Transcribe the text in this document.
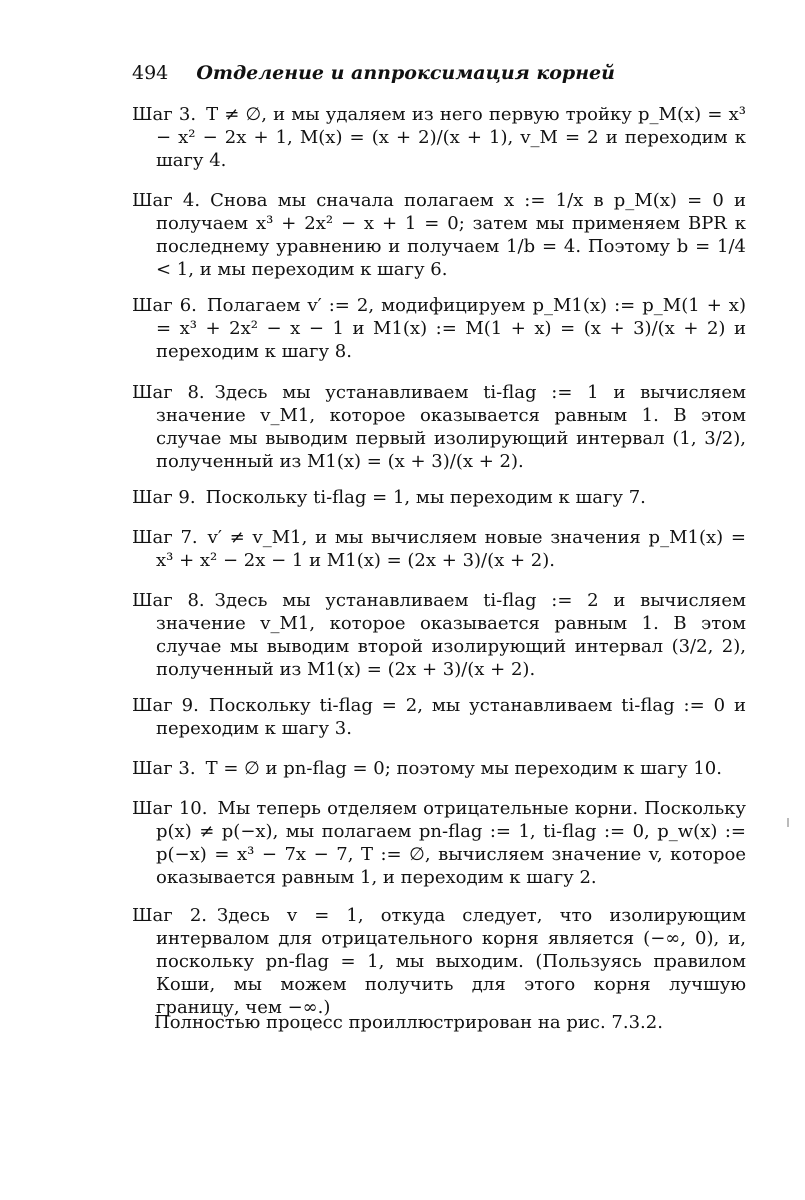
494 Отделение и аппроксимация корней
Шаг 3. T ≠ ∅, и мы удаляем из него первую тройку p_M(x) = x³ − x² − 2x + 1, M(x) = (x + 2)/(x + 1), v_M = 2 и переходим к шагу 4.
Шаг 4. Снова мы сначала полагаем x := 1/x в p_M(x) = 0 и получаем x³ + 2x² − x + 1 = 0; затем мы применяем BPR к последнему уравнению и получаем 1/b = 4. Поэтому b = 1/4 < 1, и мы переходим к шагу 6.
Шаг 6. Полагаем v′ := 2, модифицируем p_M1(x) := p_M(1 + x) = x³ + 2x² − x − 1 и M1(x) := M(1 + x) = (x + 3)/(x + 2) и переходим к шагу 8.
Шаг 8. Здесь мы устанавливаем ti-flag := 1 и вычисляем значение v_M1, которое оказывается равным 1. В этом случае мы выводим первый изолирующий интервал (1, 3/2), полученный из M1(x) = (x + 3)/(x + 2).
Шаг 9. Поскольку ti-flag = 1, мы переходим к шагу 7.
Шаг 7. v′ ≠ v_M1, и мы вычисляем новые значения p_M1(x) = x³ + x² − 2x − 1 и M1(x) = (2x + 3)/(x + 2).
Шаг 8. Здесь мы устанавливаем ti-flag := 2 и вычисляем значение v_M1, которое оказывается равным 1. В этом случае мы выводим второй изолирующий интервал (3/2, 2), полученный из M1(x) = (2x + 3)/(x + 2).
Шаг 9. Поскольку ti-flag = 2, мы устанавливаем ti-flag := 0 и переходим к шагу 3.
Шаг 3. T = ∅ и pn-flag = 0; поэтому мы переходим к шагу 10.
Шаг 10. Мы теперь отделяем отрицательные корни. Поскольку p(x) ≠ p(−x), мы полагаем pn-flag := 1, ti-flag := 0, p_w(x) := p(−x) = x³ − 7x − 7, T := ∅, вычисляем значение v, которое оказывается равным 1, и переходим к шагу 2.
Шаг 2. Здесь v = 1, откуда следует, что изолирующим интервалом для отрицательного корня является (−∞, 0), и, поскольку pn-flag = 1, мы выходим. (Пользуясь правилом Коши, мы можем получить для этого корня лучшую границу, чем −∞.)
Полностью процесс проиллюстрирован на рис. 7.3.2.
